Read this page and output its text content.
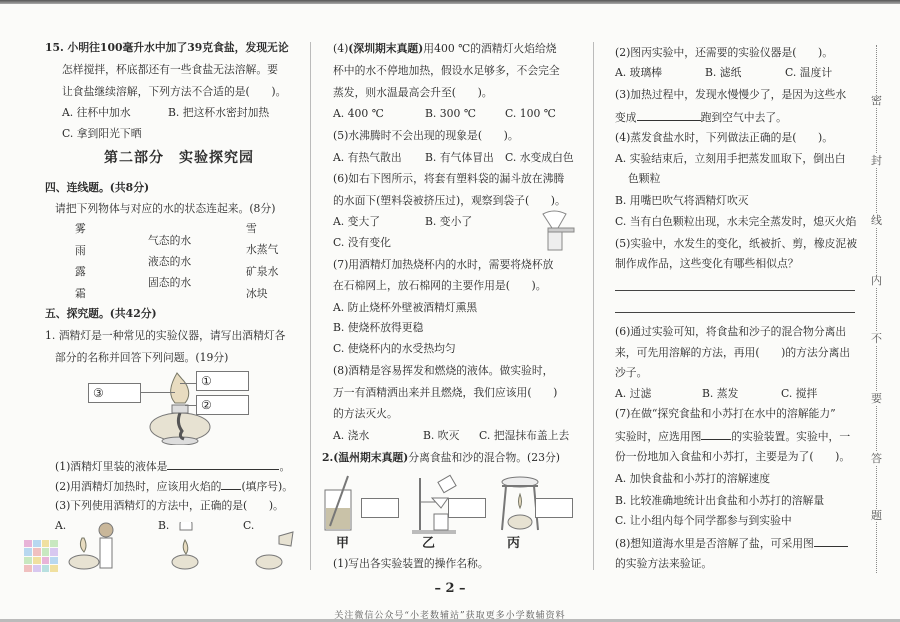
15. 小明往100毫升水中加了39克食盐，发现无论
怎样搅拌，杯底都还有一些食盐无法溶解。要
让食盐继续溶解，下列方法不合适的是(　　)。
A. 往杯中加水	B. 把这杯水密封加热
C. 拿到阳光下晒
第二部分　实验探究园
四、连线题。(共8分)
请把下列物体与对应的水的状态连起来。(8分)
雾
雨
露
霜
气态的水
液态的水
固态的水
雪
水蒸气
矿泉水
冰块
五、探究题。(共42分)
1. 酒精灯是一种常见的实验仪器，请写出酒精灯各
部分的名称并回答下列问题。(19分)
①
②
③
(1)酒精灯里装的液体是	。
(2)用酒精灯加热时，应该用火焰的 (填序号)。
(3)下列使用酒精灯的方法中，正确的是(　　)。
A.	B.	C.
(4)(深圳期末真题)用400 ℃的酒精灯火焰给烧
杯中的水不停地加热，假设水足够多，不会完全
蒸发，则水温最高会升至(　　)。
A. 400 ℃	B. 300 ℃	C. 100 ℃
(5)水沸腾时不会出现的现象是(　　)。
A. 有热气散出 B. 有气体冒出 C. 水变成白色
(6)如右下图所示，将套有塑料袋的漏斗放在沸腾
的水面下(塑料袋被挤压过)，观察到袋子(　　)。
A. 变大了	B. 变小了
C. 没有变化
(7)用酒精灯加热烧杯内的水时，需要将烧杯放
在石棉网上，放石棉网的主要作用是(　　)。
A. 防止烧杯外壁被酒精灯熏黑
B. 使烧杯放得更稳
C. 使烧杯内的水受热均匀
(8)酒精是容易挥发和燃烧的液体。做实验时，
万一有酒精洒出来并且燃烧，我们应该用(　　)
的方法灭火。
A. 浇水	B. 吹灭 C. 把湿抹布盖上去
2.(温州期末真题)分离食盐和沙的混合物。(23分)
甲	乙	丙
(1)写出各实验装置的操作名称。
(2)图丙实验中，还需要的实验仪器是(　　)。
A. 玻璃棒	B. 滤纸	C. 温度计
(3)加热过程中，发现水慢慢少了，是因为这些水
变成	跑到空气中去了。
(4)蒸发食盐水时，下列做法正确的是(　　)。
A. 实验结束后，立刻用手把蒸发皿取下，倒出白
色颗粒
B. 用嘴巴吹气将酒精灯吹灭
C. 当有白色颗粒出现，水未完全蒸发时，熄灭火焰
(5)实验中，水发生的变化，纸被折、剪，橡皮泥被
制作成作品，这些变化有哪些相似点？
(6)通过实验可知，将食盐和沙子的混合物分离出
来，可先用溶解的方法，再用(　　)的方法分离出
沙子。
A. 过滤	B. 蒸发	C. 搅拌
(7)在做“探究食盐和小苏打在水中的溶解能力”
实验时，应选用图	的实验装置。实验中，一
份一份地加入食盐和小苏打，主要是为了(　　)。
A. 加快食盐和小苏打的溶解速度
B. 比较准确地统计出食盐和小苏打的溶解量
C. 让小组内每个同学都参与到实验中
(8)想知道海水里是否溶解了盐，可采用图
的实验方法来验证。
密
封
线
内
不
要
答
题
– 2 –
关注微信公众号“小老数辅站”获取更多小学数辅资料
